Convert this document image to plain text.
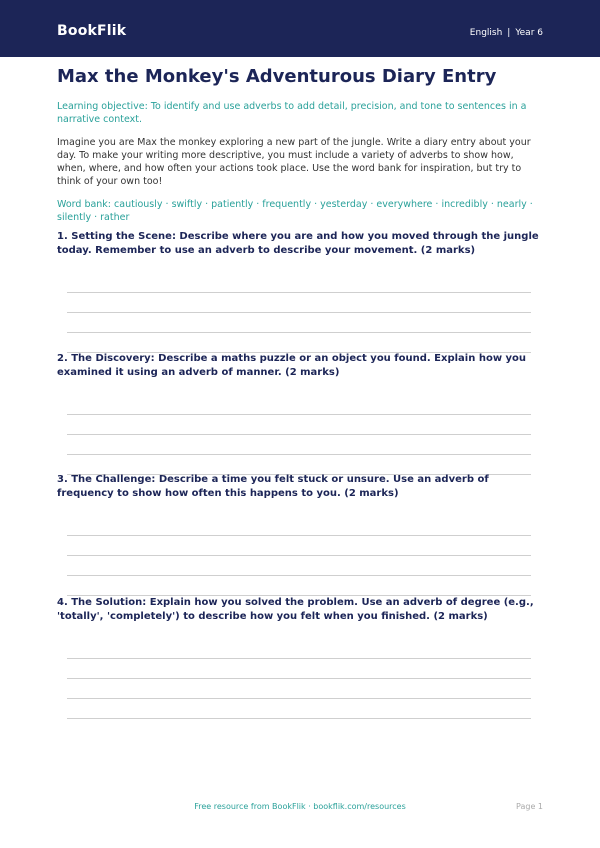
BookFlik	English | Year 6
Max the Monkey's Adventurous Diary Entry

Learning objective: To identify and use adverbs to add detail, precision, and tone to sentences in a narrative context.

Imagine you are Max the monkey exploring a new part of the jungle. Write a diary entry about your day. To make your writing more descriptive, you must include a variety of adverbs to show how, when, where, and how often your actions took place. Use the word bank for inspiration, but try to think of your own too!

Word bank: cautiously · swiftly · patiently · frequently · yesterday · everywhere · incredibly · nearly · silently · rather

1. Setting the Scene: Describe where you are and how you moved through the jungle today. Remember to use an adverb to describe your movement. (2 marks)

2. The Discovery: Describe a maths puzzle or an object you found. Explain how you examined it using an adverb of manner. (2 marks)

3. The Challenge: Describe a time you felt stuck or unsure. Use an adverb of frequency to show how often this happens to you. (2 marks)

4. The Solution: Explain how you solved the problem. Use an adverb of degree (e.g., 'totally', 'completely') to describe how you felt when you finished. (2 marks)

Free resource from BookFlik · bookflik.com/resources	Page 1
